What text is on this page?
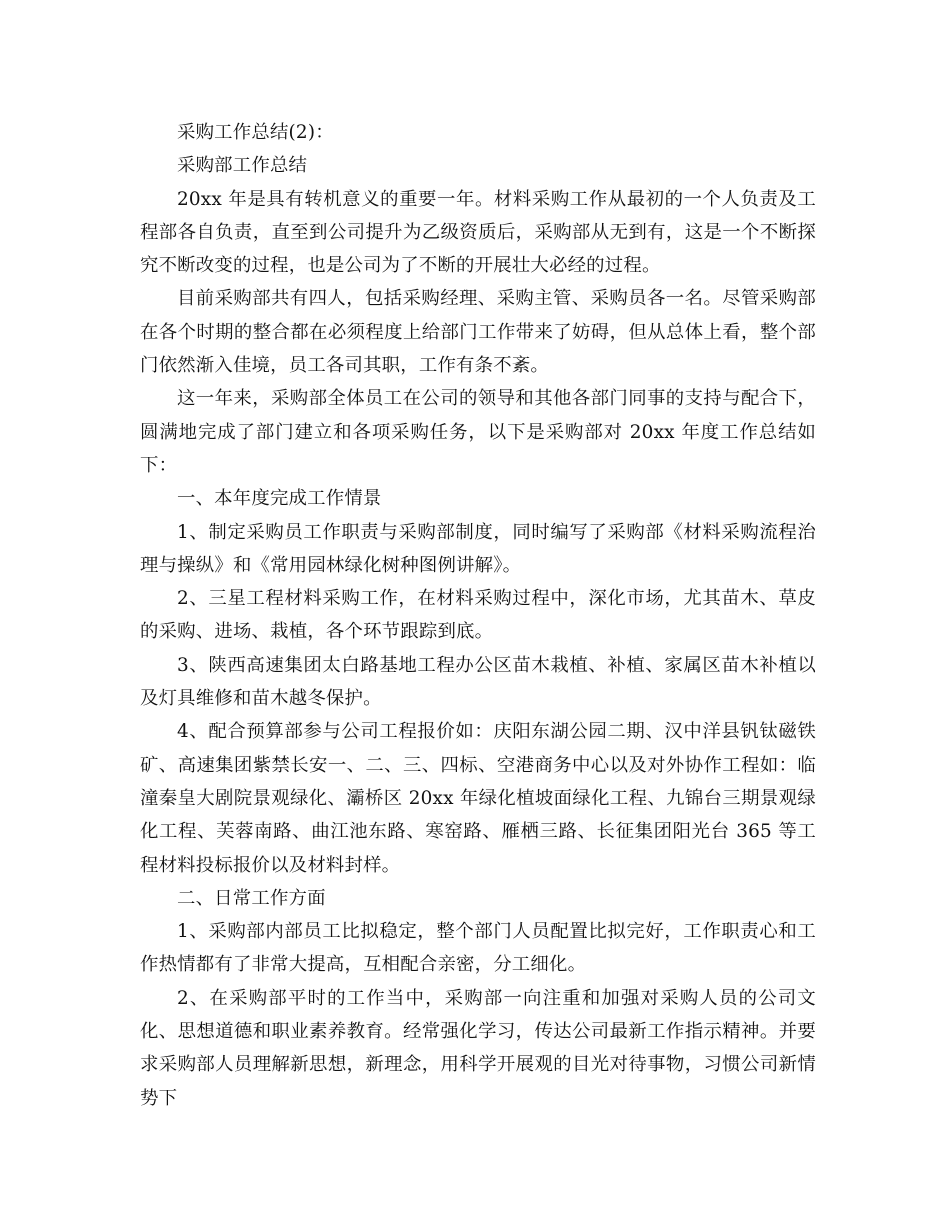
采购工作总结(2)：

采购部工作总结

20xx 年是具有转机意义的重要一年。材料采购工作从最初的一个人负责及工程部各自负责，直至到公司提升为乙级资质后，采购部从无到有，这是一个不断探究不断改变的过程，也是公司为了不断的开展壮大必经的过程。

目前采购部共有四人，包括采购经理、采购主管、采购员各一名。尽管采购部在各个时期的整合都在必须程度上给部门工作带来了妨碍，但从总体上看，整个部门依然渐入佳境，员工各司其职，工作有条不紊。

这一年来，采购部全体员工在公司的领导和其他各部门同事的支持与配合下，圆满地完成了部门建立和各项采购任务，以下是采购部对 20xx 年度工作总结如下：

一、本年度完成工作情景

1、制定采购员工作职责与采购部制度，同时编写了采购部《材料采购流程治理与操纵》和《常用园林绿化树种图例讲解》。

2、三星工程材料采购工作，在材料采购过程中，深化市场，尤其苗木、草皮的采购、进场、栽植，各个环节跟踪到底。

3、陕西高速集团太白路基地工程办公区苗木栽植、补植、家属区苗木补植以及灯具维修和苗木越冬保护。

4、配合预算部参与公司工程报价如：庆阳东湖公园二期、汉中洋县钒钛磁铁矿、高速集团紫禁长安一、二、三、四标、空港商务中心以及对外协作工程如：临潼秦皇大剧院景观绿化、灞桥区 20xx 年绿化植坡面绿化工程、九锦台三期景观绿化工程、芙蓉南路、曲江池东路、寒窑路、雁栖三路、长征集团阳光台 365 等工程材料投标报价以及材料封样。

二、日常工作方面

1、采购部内部员工比拟稳定，整个部门人员配置比拟完好，工作职责心和工作热情都有了非常大提高，互相配合亲密，分工细化。

2、在采购部平时的工作当中，采购部一向注重和加强对采购人员的公司文化、思想道德和职业素养教育。经常强化学习，传达公司最新工作指示精神。并要求采购部人员理解新思想，新理念，用科学开展观的目光对待事物，习惯公司新情势下
